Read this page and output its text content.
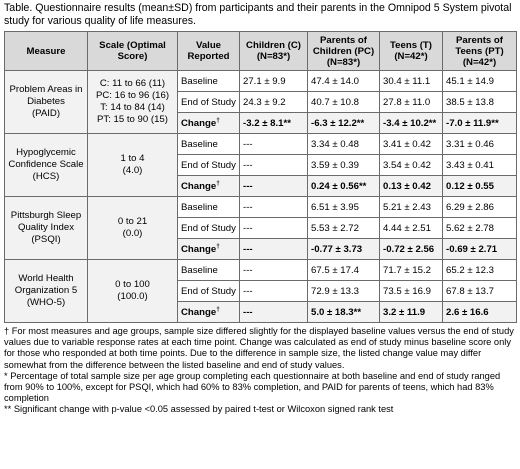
Table. Questionnaire results (mean±SD) from participants and their parents in the Omnipod 5 System pivotal study for various quality of life measures.

Measure	Scale (Optimal Score)	Value Reported	Children (C)
(N=83*)	Parents of Children (PC)
(N=83*)	Teens (T)
(N=42*)	Parents of Teens (PT)
(N=42*)
Problem Areas in
Diabetes
(PAID)	C: 11 to 66 (11)
PC: 16 to 96 (16)
T: 14 to 84 (14)
PT: 15 to 90 (15)	Baseline	27.1 ± 9.9	47.4 ± 14.0	30.4 ± 11.1	45.1 ± 14.9
		End of Study	24.3 ± 9.2	40.7 ± 10.8	27.8 ± 11.0	38.5 ± 13.8
		Change†	-3.2 ± 8.1**	-6.3 ± 12.2**	-3.4 ± 10.2**	-7.0 ± 11.9**
Hypoglycemic
Confidence Scale
(HCS)	1 to 4
(4.0)	Baseline	---	3.34 ± 0.48	3.41 ± 0.42	3.31 ± 0.46
		End of Study	---	3.59 ± 0.39	3.54 ± 0.42	3.43 ± 0.41
		Change†	---	0.24 ± 0.56**	0.13 ± 0.42	0.12 ± 0.55
Pittsburgh Sleep
Quality Index
(PSQI)	0 to 21
(0.0)	Baseline	---	6.51 ± 3.95	5.21 ± 2.43	6.29 ± 2.86
		End of Study	---	5.53 ± 2.72	4.44 ± 2.51	5.62 ± 2.78
		Change†	---	-0.77 ± 3.73	-0.72 ± 2.56	-0.69 ± 2.71
World Health
Organization 5
(WHO-5)	0 to 100
(100.0)	Baseline	---	67.5 ± 17.4	71.7 ± 15.2	65.2 ± 12.3
		End of Study	---	72.9 ± 13.3	73.5 ± 16.9	67.8 ± 13.7
		Change†	---	5.0 ± 18.3**	3.2 ± 11.9	2.6 ± 16.6

† For most measures and age groups, sample size differed slightly for the displayed baseline values versus the end of study values due to variable response rates at each time point. Change was calculated as end of study minus baseline score only for those who responded at both time points. Due to the difference in sample size, the listed change value may differ somewhat from the difference between the listed baseline and end of study values.

* Percentage of total sample size per age group completing each questionnaire at both baseline and end of study ranged from 90% to 100%, except for PSQI, which had 60% to 83% completion, and PAID for parents of teens, which had 83% completion

** Significant change with p-value <0.05 assessed by paired t-test or Wilcoxon signed rank test
